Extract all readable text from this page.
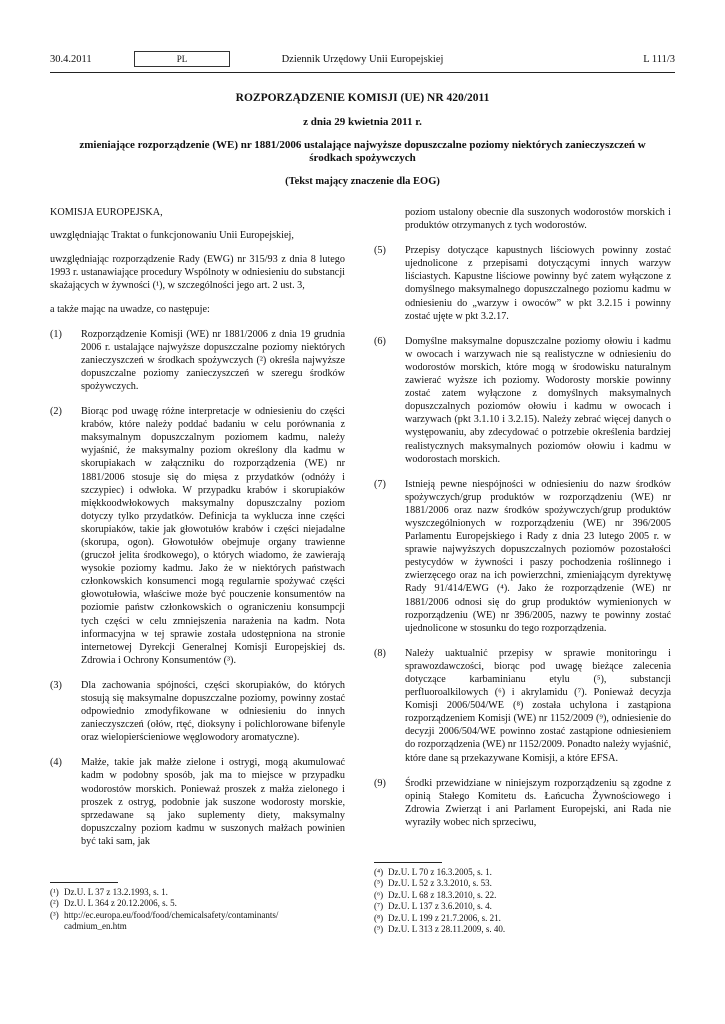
30.4.2011	PL	Dziennik Urzędowy Unii Europejskiej	L 111/3
ROZPORZĄDZENIE KOMISJI (UE) NR 420/2011
z dnia 29 kwietnia 2011 r.
zmieniające rozporządzenie (WE) nr 1881/2006 ustalające najwyższe dopuszczalne poziomy niektórych zanieczyszczeń w środkach spożywczych
(Tekst mający znaczenie dla EOG)

KOMISJA EUROPEJSKA,

uwzględniając Traktat o funkcjonowaniu Unii Europejskiej,

uwzględniając rozporządzenie Rady (EWG) nr 315/93 z dnia 8 lutego 1993 r. ustanawiające procedury Wspólnoty w odniesieniu do substancji skażających w żywności (¹), w szczególności jego art. 2 ust. 3,

a także mając na uwadze, co następuje:

(1)	Rozporządzenie Komisji (WE) nr 1881/2006 z dnia 19 grudnia 2006 r. ustalające najwyższe dopuszczalne poziomy niektórych zanieczyszczeń w środkach spożywczych (²) określa najwyższe dopuszczalne poziomy zanieczyszczeń w szeregu środków spożywczych.
(2)	Biorąc pod uwagę różne interpretacje w odniesieniu do części krabów, które należy poddać badaniu w celu porównania z maksymalnym dopuszczalnym poziomem kadmu, należy wyjaśnić, że maksymalny poziom określony dla kadmu w skorupiakach w załączniku do rozporządzenia (WE) nr 1881/2006 stosuje się do mięsa z przydatków (odnóży i szczypiec) i odwłoka. W przypadku krabów i skorupiaków miękkoodwłokowych maksymalny dopuszczalny poziom dotyczy tylko przydatków. Definicja ta wyklucza inne części skorupiaków, takie jak głowotułów krabów i części niejadalne (skorupa, ogon). Głowotułów obejmuje organy trawienne (gruczoł jelita środkowego), o których wiadomo, że zawierają wysokie poziomy kadmu. Jako że w niektórych państwach członkowskich konsumenci mogą regularnie spożywać części głowotułowia, właściwe może być pouczenie konsumentów na poziomie państw członkowskich o ograniczeniu konsumpcji tych części w celu zmniejszenia narażenia na kadm. Nota informacyjna w tej sprawie została udostępniona na stronie internetowej Dyrekcji Generalnej Komisji Europejskiej ds. Zdrowia i Ochrony Konsumentów (³).
(3)	Dla zachowania spójności, części skorupiaków, do których stosują się maksymalne dopuszczalne poziomy, powinny zostać odpowiednio zmodyfikowane w odniesieniu do innych zanieczyszczeń (ołów, rtęć, dioksyny i polichlorowane bifenyle oraz wielopierścieniowe węglowodory aromatyczne).
(4)	Małże, takie jak małże zielone i ostrygi, mogą akumulować kadm w podobny sposób, jak ma to miejsce w przypadku wodorostów morskich. Ponieważ proszek z małża zielonego i proszek z ostryg, podobnie jak suszone wodorosty morskie, sprzedawane są jako suplementy diety, maksymalny dopuszczalny poziom kadmu w suszonych małżach powinien być taki sam, jak
poziom ustalony obecnie dla suszonych wodorostów morskich i produktów otrzymanych z tych wodorostów.
(5)	Przepisy dotyczące kapustnych liściowych powinny zostać ujednolicone z przepisami dotyczącymi innych warzyw liściastych. Kapustne liściowe powinny być zatem wyłączone z domyślnego maksymalnego dopuszczalnego poziomu kadmu w odniesieniu do „warzyw i owoców” w pkt 3.2.15 i powinny zostać ujęte w pkt 3.2.17.
(6)	Domyślne maksymalne dopuszczalne poziomy ołowiu i kadmu w owocach i warzywach nie są realistyczne w odniesieniu do wodorostów morskich, które mogą w środowisku naturalnym zawierać wyższe ich poziomy. Wodorosty morskie powinny zostać zatem wyłączone z domyślnych maksymalnych dopuszczalnych poziomów ołowiu i kadmu w owocach i warzywach (pkt 3.1.10 i 3.2.15). Należy zebrać więcej danych o występowaniu, aby zdecydować o potrzebie określenia bardziej realistycznych maksymalnych poziomów ołowiu i kadmu w wodorostach morskich.
(7)	Istnieją pewne niespójności w odniesieniu do nazw środków spożywczych/grup produktów w rozporządzeniu (WE) nr 1881/2006 oraz nazw środków spożywczych/grup produktów wyszczególnionych w rozporządzeniu (WE) nr 396/2005 Parlamentu Europejskiego i Rady z dnia 23 lutego 2005 r. w sprawie najwyższych dopuszczalnych poziomów pozostałości pestycydów w żywności i paszy pochodzenia roślinnego i zwierzęcego oraz na ich powierzchni, zmieniającym dyrektywę Rady 91/414/EWG (⁴). Jako że rozporządzenie (WE) nr 1881/2006 odnosi się do grup produktów wymienionych w rozporządzeniu (WE) nr 396/2005, nazwy te powinny zostać ujednolicone w stosunku do tego rozporządzenia.
(8)	Należy uaktualnić przepisy w sprawie monitoringu i sprawozdawczości, biorąc pod uwagę bieżące zalecenia dotyczące karbaminianu etylu (⁵), substancji perfluoroalkilowych (⁶) i akrylamidu (⁷). Ponieważ decyzja Komisji 2006/504/WE (⁸) została uchylona i zastąpiona rozporządzeniem Komisji (WE) nr 1152/2009 (⁹), odniesienie do decyzji 2006/504/WE powinno zostać zastąpione odniesieniem do rozporządzenia (WE) nr 1152/2009. Ponadto należy wyjaśnić, które dane są przekazywane Komisji, a które EFSA.
(9)	Środki przewidziane w niniejszym rozporządzeniu są zgodne z opinią Stałego Komitetu ds. Łańcucha Żywnościowego i Zdrowia Zwierząt i ani Parlament Europejski, ani Rada nie wyraziły wobec nich sprzeciwu,
(¹) Dz.U. L 37 z 13.2.1993, s. 1.
(²) Dz.U. L 364 z 20.12.2006, s. 5.
(³) http://ec.europa.eu/food/food/chemicalsafety/contaminants/
cadmium_en.htm
(⁴) Dz.U. L 70 z 16.3.2005, s. 1.
(⁵) Dz.U. L 52 z 3.3.2010, s. 53.
(⁶) Dz.U. L 68 z 18.3.2010, s. 22.
(⁷) Dz.U. L 137 z 3.6.2010, s. 4.
(⁸) Dz.U. L 199 z 21.7.2006, s. 21.
(⁹) Dz.U. L 313 z 28.11.2009, s. 40.
